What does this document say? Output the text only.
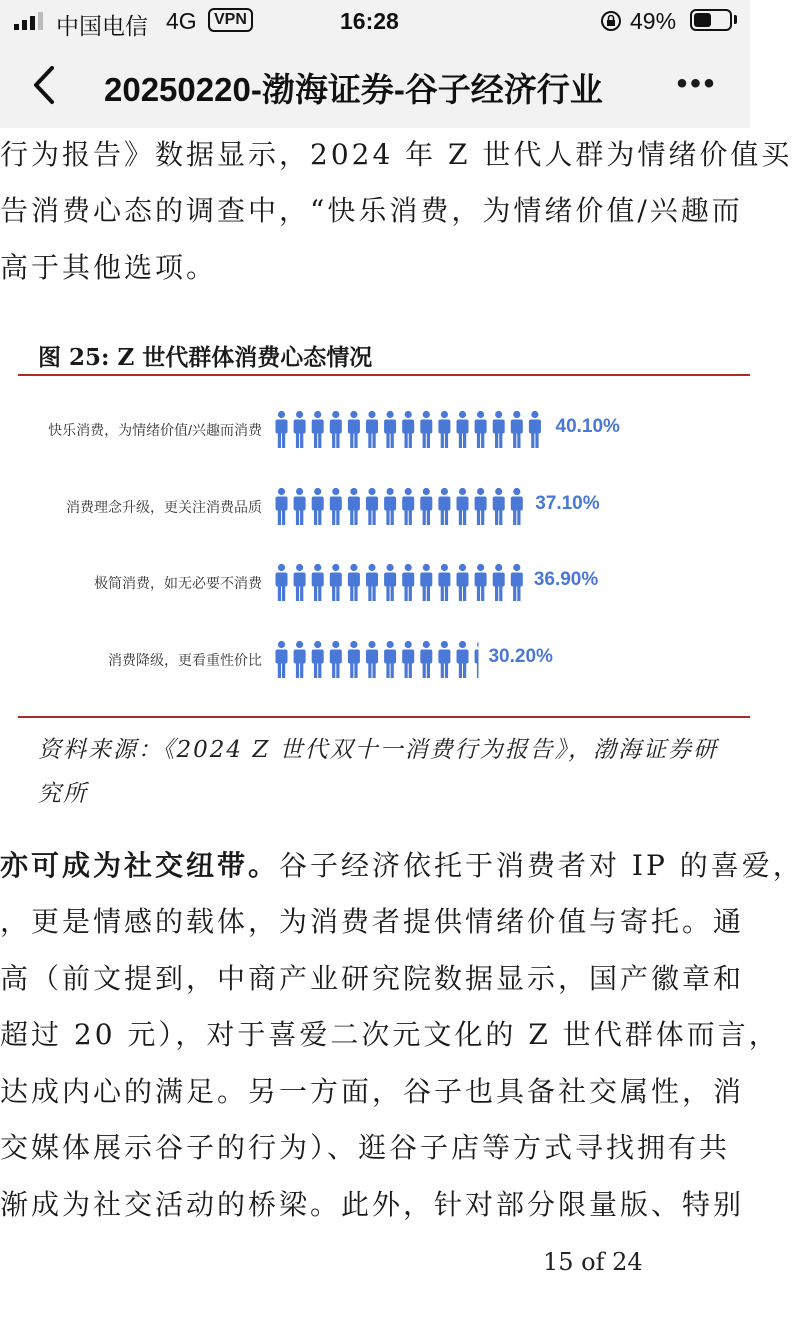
中国电信 4G	VPN	16:28	49%
20250220-渤海证券-谷子经济行业	•••
行为报告》数据显示，2024 年 Z 世代人群为情绪价值买
告消费心态的调查中，“快乐消费，为情绪价值/兴趣而
高于其他选项。
图 25: Z 世代群体消费心态情况
快乐消费，为情绪价值/兴趣而消费	40.10%
消费理念升级，更关注消费品质	37.10%
极简消费，如无必要不消费	36.90%
消费降级，更看重性价比	30.20%
资料来源：《2024 Z 世代双十一消费行为报告》，渤海证券研究所
亦可成为社交纽带。谷子经济依托于消费者对 IP 的喜爱，
，更是情感的载体，为消费者提供情绪价值与寄托。通
高（前文提到，中商产业研究院数据显示，国产徽章和
超过 20 元），对于喜爱二次元文化的 Z 世代群体而言，
达成内心的满足。另一方面，谷子也具备社交属性，消
交媒体展示谷子的行为）、逛谷子店等方式寻找拥有共
渐成为社交活动的桥梁。此外，针对部分限量版、特别
15 of 24
